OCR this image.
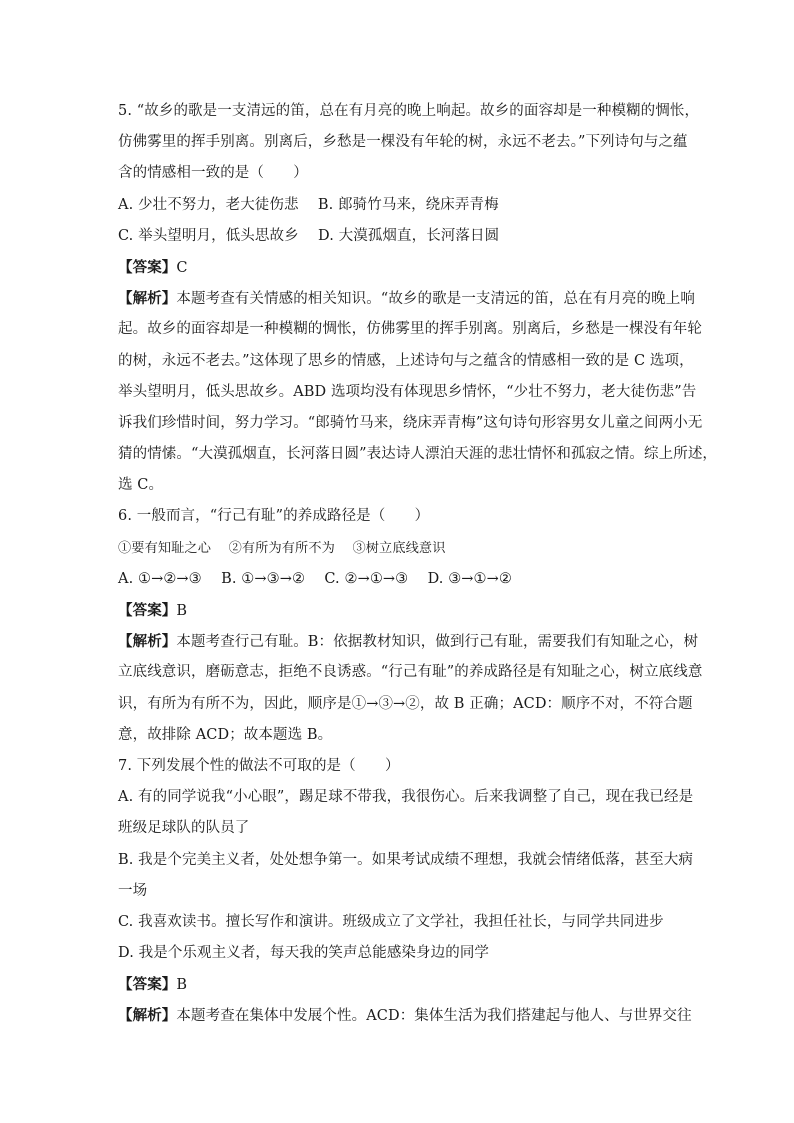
5. “故乡的歌是一支清远的笛，总在有月亮的晚上响起。故乡的面容却是一种模糊的惆怅，
仿佛雾里的挥手别离。别离后，乡愁是一棵没有年轮的树，永远不老去。”下列诗句与之蕴
含的情感相一致的是（　　）
A. 少壮不努力，老大徒伤悲　 B. 郎骑竹马来，绕床弄青梅
C. 举头望明月，低头思故乡　 D. 大漠孤烟直，长河落日圆
【答案】C
【解析】本题考查有关情感的相关知识。“故乡的歌是一支清远的笛，总在有月亮的晚上响
起。故乡的面容却是一种模糊的惆怅，仿佛雾里的挥手别离。别离后，乡愁是一棵没有年轮
的树，永远不老去。”这体现了思乡的情感，上述诗句与之蕴含的情感相一致的是 C 选项，
举头望明月，低头思故乡。ABD 选项均没有体现思乡情怀，“少壮不努力，老大徒伤悲”告
诉我们珍惜时间，努力学习。“郎骑竹马来，绕床弄青梅”这句诗句形容男女儿童之间两小无
猜的情愫。“大漠孤烟直，长河落日圆”表达诗人漂泊天涯的悲壮情怀和孤寂之情。综上所述，
选 C。
6. 一般而言，“行己有耻”的养成路径是（　　）
①要有知耻之心　 ②有所为有所不为　 ③树立底线意识
A. ①→②→③　 B. ①→③→②　 C. ②→①→③　 D. ③→①→②
【答案】B
【解析】本题考查行己有耻。B：依据教材知识，做到行己有耻，需要我们有知耻之心，树
立底线意识，磨砺意志，拒绝不良诱惑。“行己有耻”的养成路径是有知耻之心，树立底线意
识，有所为有所不为，因此，顺序是①→③→②，故 B 正确；ACD：顺序不对，不符合题
意，故排除 ACD；故本题选 B。
7. 下列发展个性的做法不可取的是（　　）
A. 有的同学说我“小心眼”，踢足球不带我，我很伤心。后来我调整了自己，现在我已经是
班级足球队的队员了
B. 我是个完美主义者，处处想争第一。如果考试成绩不理想，我就会情绪低落，甚至大病
一场
C. 我喜欢读书。擅长写作和演讲。班级成立了文学社，我担任社长，与同学共同进步
D. 我是个乐观主义者，每天我的笑声总能感染身边的同学
【答案】B
【解析】本题考查在集体中发展个性。ACD：集体生活为我们搭建起与他人、与世界交往
